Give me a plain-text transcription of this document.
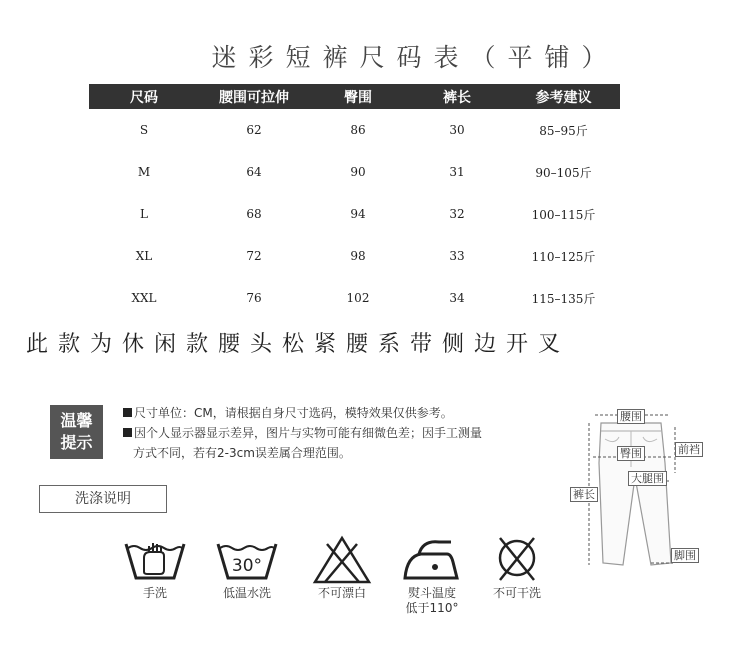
迷彩短裤尺码表（平铺）
尺码	腰围可拉伸	臀围	裤长	参考建议
S	62	86	30	85–95斤
M	64	90	31	90–105斤
L	68	94	32	100–115斤
XL	72	98	33	110–125斤
XXL	76	102	34	115–135斤
此款为休闲款腰头松紧腰系带侧边开叉
温馨
提示
尺寸单位：CM，请根据自身尺寸选码，模特效果仅供参考。
因个人显示器显示差异，图片与实物可能有细微色差；因手工测量
方式不同，若有2-3cm误差属合理范围。
洗涤说明
手洗
30°
低温水洗	不可漂白	熨斗温度
低于110°
不可干洗
腰围
前裆
臀围
大腿围
裤长
脚围
